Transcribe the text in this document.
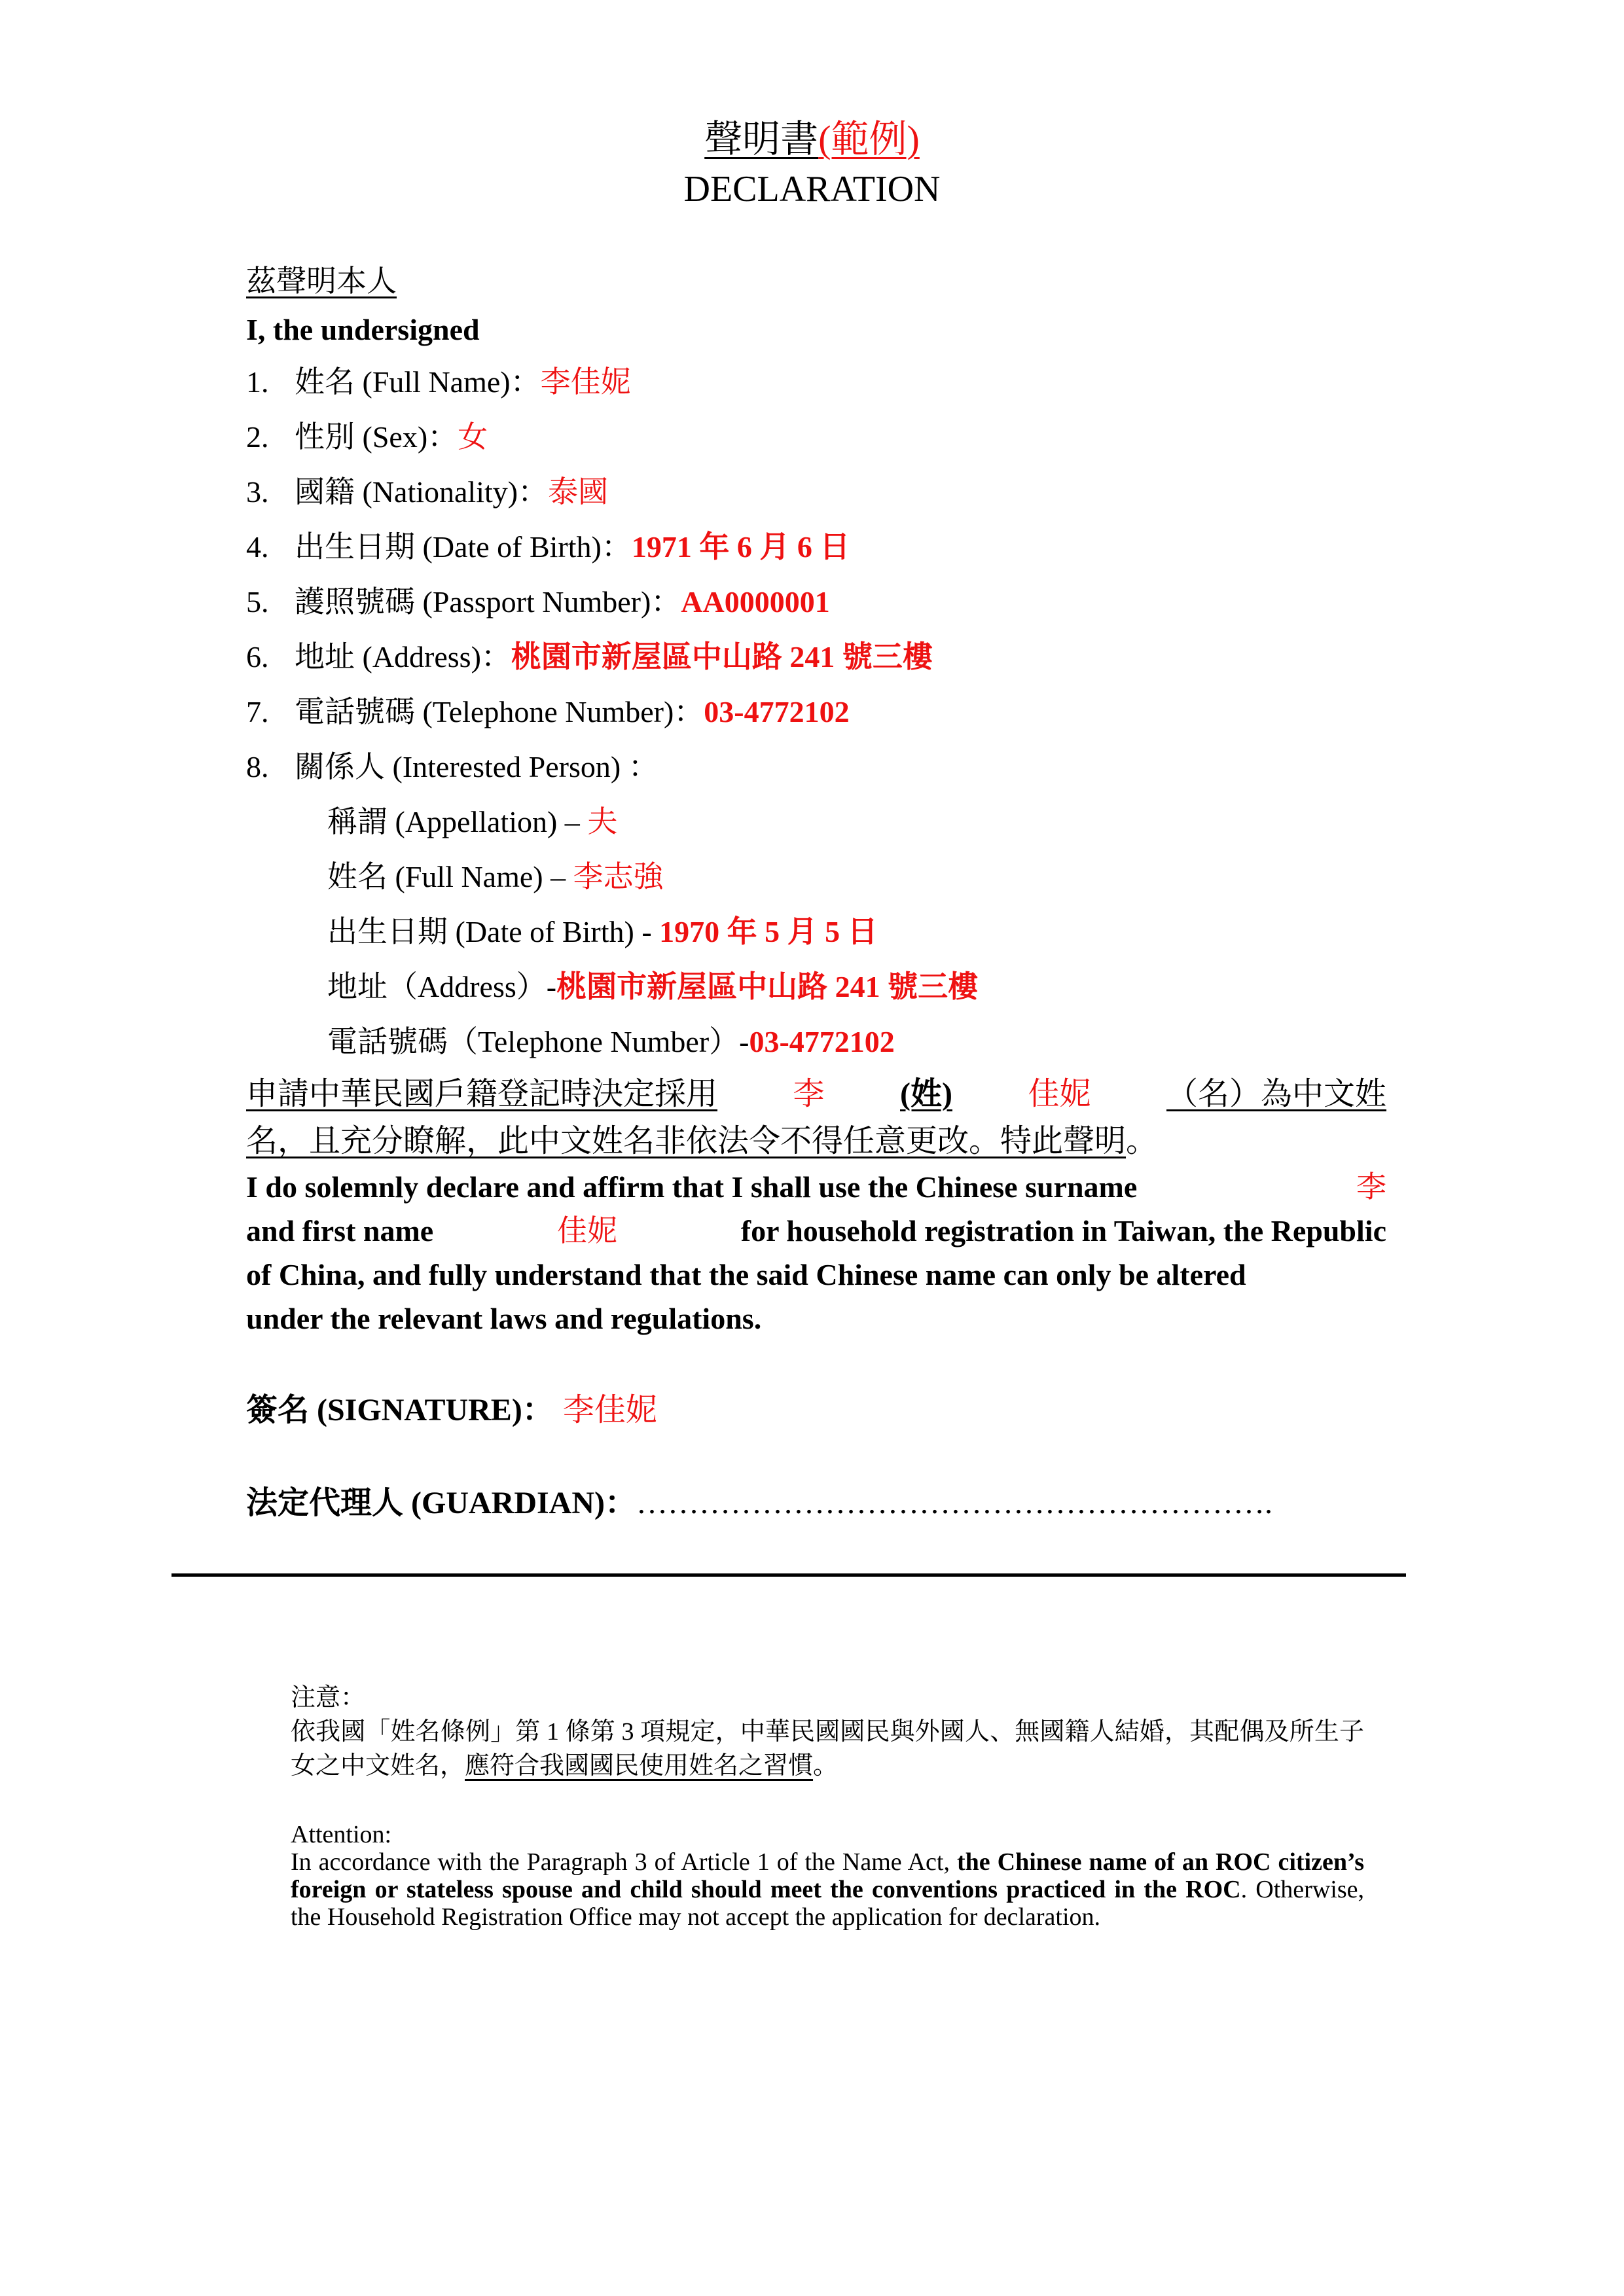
聲明書(範例)
DECLARATION
茲聲明本人
I, the undersigned
1. 姓名 (Full Name)：李佳妮
2. 性別 (Sex)：女
3. 國籍 (Nationality)：泰國
4. 出生日期 (Date of Birth)：1971 年 6 月 6 日
5. 護照號碼 (Passport Number)：AA0000001
6. 地址 (Address)：桃園市新屋區中山路 241 號三樓
7. 電話號碼 (Telephone Number)：03-4772102
8. 關係人 (Interested Person) ：
稱謂 (Appellation) – 夫
姓名 (Full Name) – 李志強
出生日期 (Date of Birth) - 1970 年 5 月 5 日
地址（Address）-桃園市新屋區中山路 241 號三樓
電話號碼（Telephone Number）-03-4772102
申請中華民國戶籍登記時決定採用 李 (姓) 佳妮 （名）為中文姓
名，且充分瞭解，此中文姓名非依法令不得任意更改。特此聲明。
I do solemnly declare and affirm that I shall use the Chinese surname	李
and first name	佳妮	for household registration in Taiwan, the Republic
of China, and fully understand that the said Chinese name can only be altered
under the relevant laws and regulations.
簽名 (SIGNATURE)： 李佳妮
法定代理人 (GUARDIAN)：…………………………………………………….

注意：

依我國「姓名條例」第 1 條第 3 項規定，中華民國國民與外國人、無國籍人結婚，其配偶及所生子女之中文姓名，應符合我國國民使用姓名之習慣。

Attention:

In accordance with the Paragraph 3 of Article 1 of the Name Act, the Chinese name of an ROC citizen’s foreign or stateless spouse and child should meet the conventions practiced in the ROC. Otherwise, the Household Registration Office may not accept the application for declaration.
